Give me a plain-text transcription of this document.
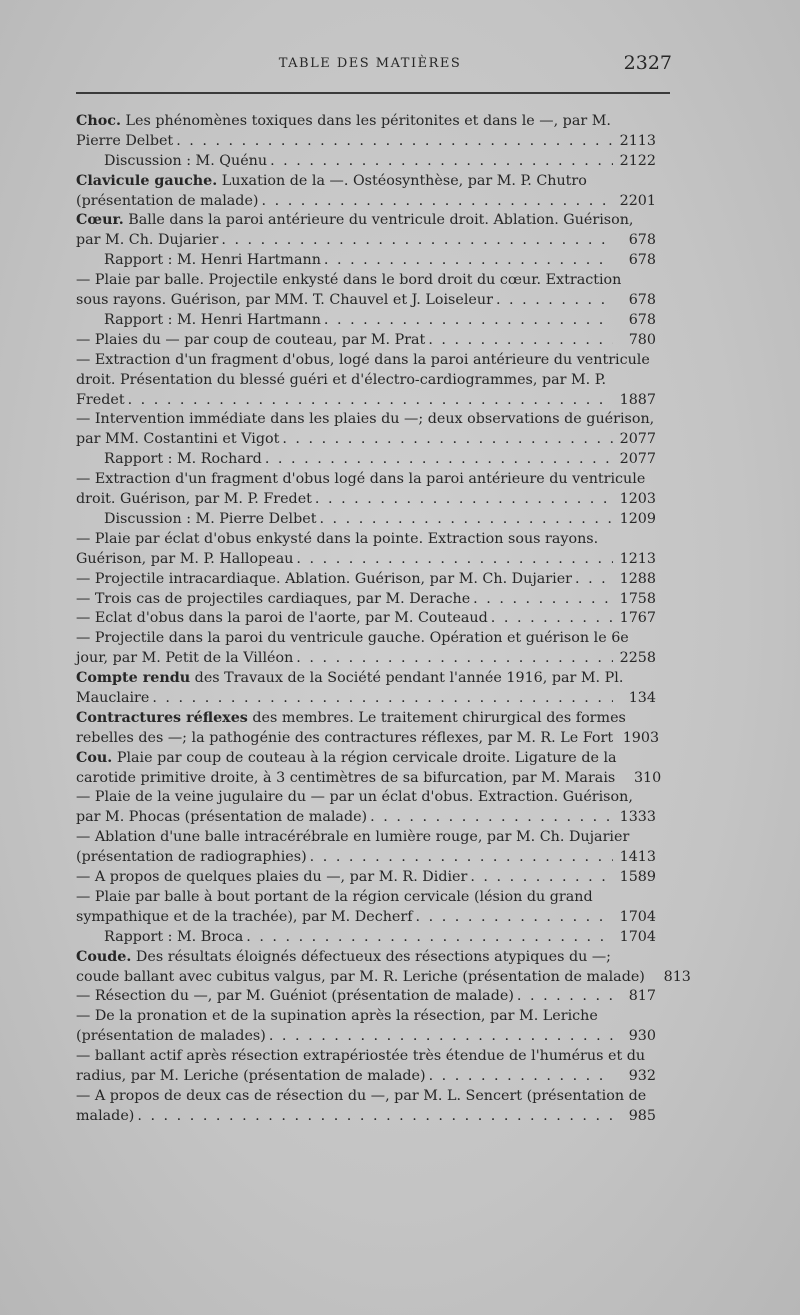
TABLE DES MATIÈRES	2327
Choc. Les phénomènes toxiques dans les péritonites et dans le —, par M.
Pierre Delbet . . .	2113
Discussion : M. Quénu . . .	2122
Clavicule gauche. Luxation de la —. Ostéosynthèse, par M. P. Chutro
(présentation de malade) . . .	2201
Cœur. Balle dans la paroi antérieure du ventricule droit. Ablation. Guérison,
par M. Ch. Dujarier . . .	678
Rapport : M. Henri Hartmann . . .	678
— Plaie par balle. Projectile enkysté dans le bord droit du cœur. Extraction
sous rayons. Guérison, par MM. T. Chauvel et J. Loiseleur . . .	678
Rapport : M. Henri Hartmann . . .	678
— Plaies du — par coup de couteau, par M. Prat . . .	780
— Extraction d'un fragment d'obus, logé dans la paroi antérieure du ventricule
droit. Présentation du blessé guéri et d'électro-cardiogrammes, par M. P.
Fredet . . .	1887
— Intervention immédiate dans les plaies du —; deux observations de guérison,
par MM. Costantini et Vigot . . .	2077
Rapport : M. Rochard . . .	2077
— Extraction d'un fragment d'obus logé dans la paroi antérieure du ventricule
droit. Guérison, par M. P. Fredet . . .	1203
Discussion : M. Pierre Delbet . . .	1209
— Plaie par éclat d'obus enkysté dans la pointe. Extraction sous rayons.
Guérison, par M. P. Hallopeau . . .	1213
— Projectile intracardiaque. Ablation. Guérison, par M. Ch. Dujarier . . .	1288
— Trois cas de projectiles cardiaques, par M. Derache . . .	1758
— Eclat d'obus dans la paroi de l'aorte, par M. Couteaud . . .	1767
— Projectile dans la paroi du ventricule gauche. Opération et guérison le 6e
jour, par M. Petit de la Villéon . . .	2258
Compte rendu des Travaux de la Société pendant l'année 1916, par M. Pl.
Mauclaire . . .	134
Contractures réflexes des membres. Le traitement chirurgical des formes
rebelles des —; la pathogénie des contractures réflexes, par M. R. Le Fort 1903
Cou. Plaie par coup de couteau à la région cervicale droite. Ligature de la
carotide primitive droite, à 3 centimètres de sa bifurcation, par M. Marais	310
— Plaie de la veine jugulaire du — par un éclat d'obus. Extraction. Guérison,
par M. Phocas (présentation de malade) . . .	1333
— Ablation d'une balle intracérébrale en lumière rouge, par M. Ch. Dujarier
(présentation de radiographies) . . .	1413
— A propos de quelques plaies du —, par M. R. Didier . . .	1589
— Plaie par balle à bout portant de la région cervicale (lésion du grand
sympathique et de la trachée), par M. Decherf . . .	1704
Rapport : M. Broca . . .	1704
Coude. Des résultats éloignés défectueux des résections atypiques du —;
coude ballant avec cubitus valgus, par M. R. Leriche (présentation de malade)	813
— Résection du —, par M. Guéniot (présentation de malade) . . .	817
— De la pronation et de la supination après la résection, par M. Leriche
(présentation de malades) . . .	930
— ballant actif après résection extrapériostée très étendue de l'humérus et du
radius, par M. Leriche (présentation de malade) . . .	932
— A propos de deux cas de résection du —, par M. L. Sencert (présentation de
malade) . . .	985
